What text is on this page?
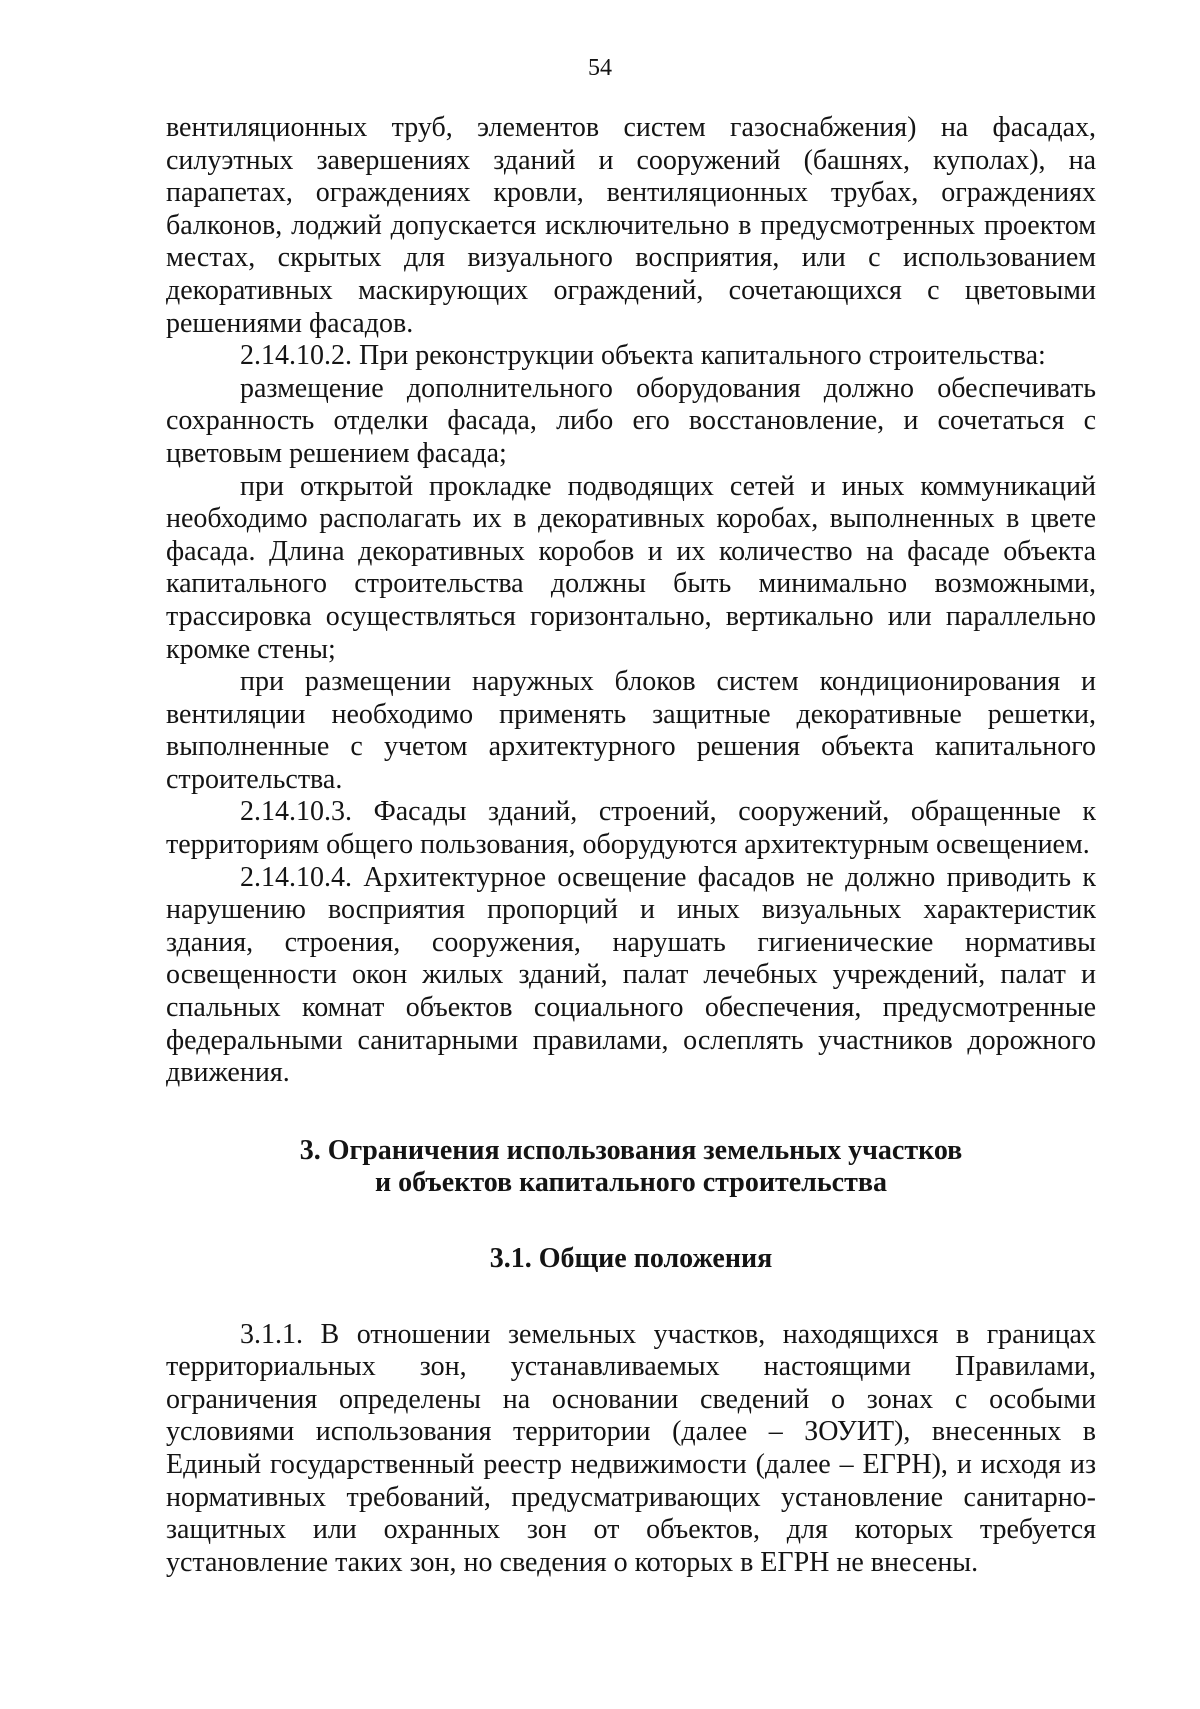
54

вентиляционных труб, элементов систем газоснабжения) на фасадах, силуэтных завершениях зданий и сооружений (башнях, куполах), на парапетах, ограждениях кровли, вентиляционных трубах, ограждениях балконов, лоджий допускается исключительно в предусмотренных проектом местах, скрытых для визуального восприятия, или с использованием декоративных маскирующих ограждений, сочетающихся с цветовыми решениями фасадов.

2.14.10.2. При реконструкции объекта капитального строительства:

размещение дополнительного оборудования должно обеспечивать сохранность отделки фасада, либо его восстановление, и сочетаться с цветовым решением фасада;

при открытой прокладке подводящих сетей и иных коммуникаций необходимо располагать их в декоративных коробах, выполненных в цвете фасада. Длина декоративных коробов и их количество на фасаде объекта капитального строительства должны быть минимально возможными, трассировка осуществляться горизонтально, вертикально или параллельно кромке стены;

при размещении наружных блоков систем кондиционирования и вентиляции необходимо применять защитные декоративные решетки, выполненные с учетом архитектурного решения объекта капитального строительства.

2.14.10.3. Фасады зданий, строений, сооружений, обращенные к территориям общего пользования, оборудуются архитектурным освещением.

2.14.10.4. Архитектурное освещение фасадов не должно приводить к нарушению восприятия пропорций и иных визуальных характеристик здания, строения, сооружения, нарушать гигиенические нормативы освещенности окон жилых зданий, палат лечебных учреждений, палат и спальных комнат объектов социального обеспечения, предусмотренные федеральными санитарными правилами, ослеплять участников дорожного движения.

3. Ограничения использования земельных участков
и объектов капитального строительства
3.1. Общие положения

3.1.1. В отношении земельных участков, находящихся в границах территориальных зон, устанавливаемых настоящими Правилами, ограничения определены на основании сведений о зонах с особыми условиями использования территории (далее – ЗОУИТ), внесенных в Единый государственный реестр недвижимости (далее – ЕГРН), и исходя из нормативных требований, предусматривающих установление санитарно-защитных или охранных зон от объектов, для которых требуется установление таких зон, но сведения о которых в ЕГРН не внесены.
